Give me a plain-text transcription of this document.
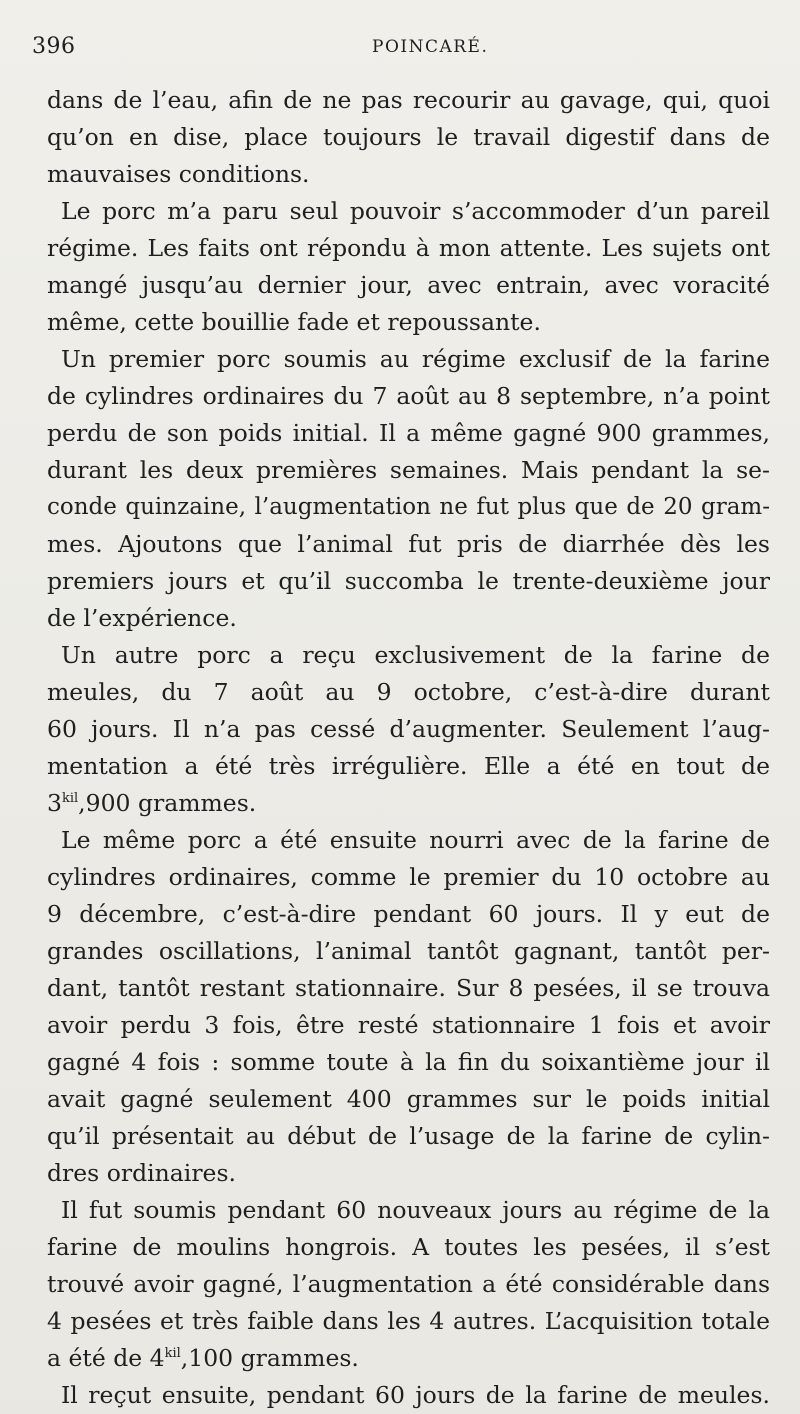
396	POINCARÉ.
dans de l’eau, afin de ne pas recourir au gavage, qui, quoi
qu’on en dise, place toujours le travail digestif dans de
mauvaises conditions.
Le porc m’a paru seul pouvoir s’accommoder d’un pareil
régime. Les faits ont répondu à mon attente. Les sujets ont
mangé jusqu’au dernier jour, avec entrain, avec voracité
même, cette bouillie fade et repoussante.
Un premier porc soumis au régime exclusif de la farine
de cylindres ordinaires du 7 août au 8 septembre, n’a point
perdu de son poids initial. Il a même gagné 900 grammes,
durant les deux premières semaines. Mais pendant la se-
conde quinzaine, l’augmentation ne fut plus que de 20 gram-
mes. Ajoutons que l’animal fut pris de diarrhée dès les
premiers jours et qu’il succomba le trente-deuxième jour
de l’expérience.
Un autre porc a reçu exclusivement de la farine de
meules, du 7 août au 9 octobre, c’est-à-dire durant
60 jours. Il n’a pas cessé d’augmenter. Seulement l’aug-
mentation a été très irrégulière. Elle a été en tout de
$3^{kil},900$ grammes.
Le même porc a été ensuite nourri avec de la farine de
cylindres ordinaires, comme le premier du 10 octobre au
9 décembre, c’est-à-dire pendant 60 jours. Il y eut de
grandes oscillations, l’animal tantôt gagnant, tantôt per-
dant, tantôt restant stationnaire. Sur 8 pesées, il se trouva
avoir perdu 3 fois, être resté stationnaire 1 fois et avoir
gagné 4 fois : somme toute à la fin du soixantième jour il
avait gagné seulement 400 grammes sur le poids initial
qu’il présentait au début de l’usage de la farine de cylin-
dres ordinaires.
Il fut soumis pendant 60 nouveaux jours au régime de la
farine de moulins hongrois. A toutes les pesées, il s’est
trouvé avoir gagné, l’augmentation a été considérable dans
4 pesées et très faible dans les 4 autres. L’acquisition totale
a été de $4^{kil},100$ grammes.
Il reçut ensuite, pendant 60 jours de la farine de meules.
